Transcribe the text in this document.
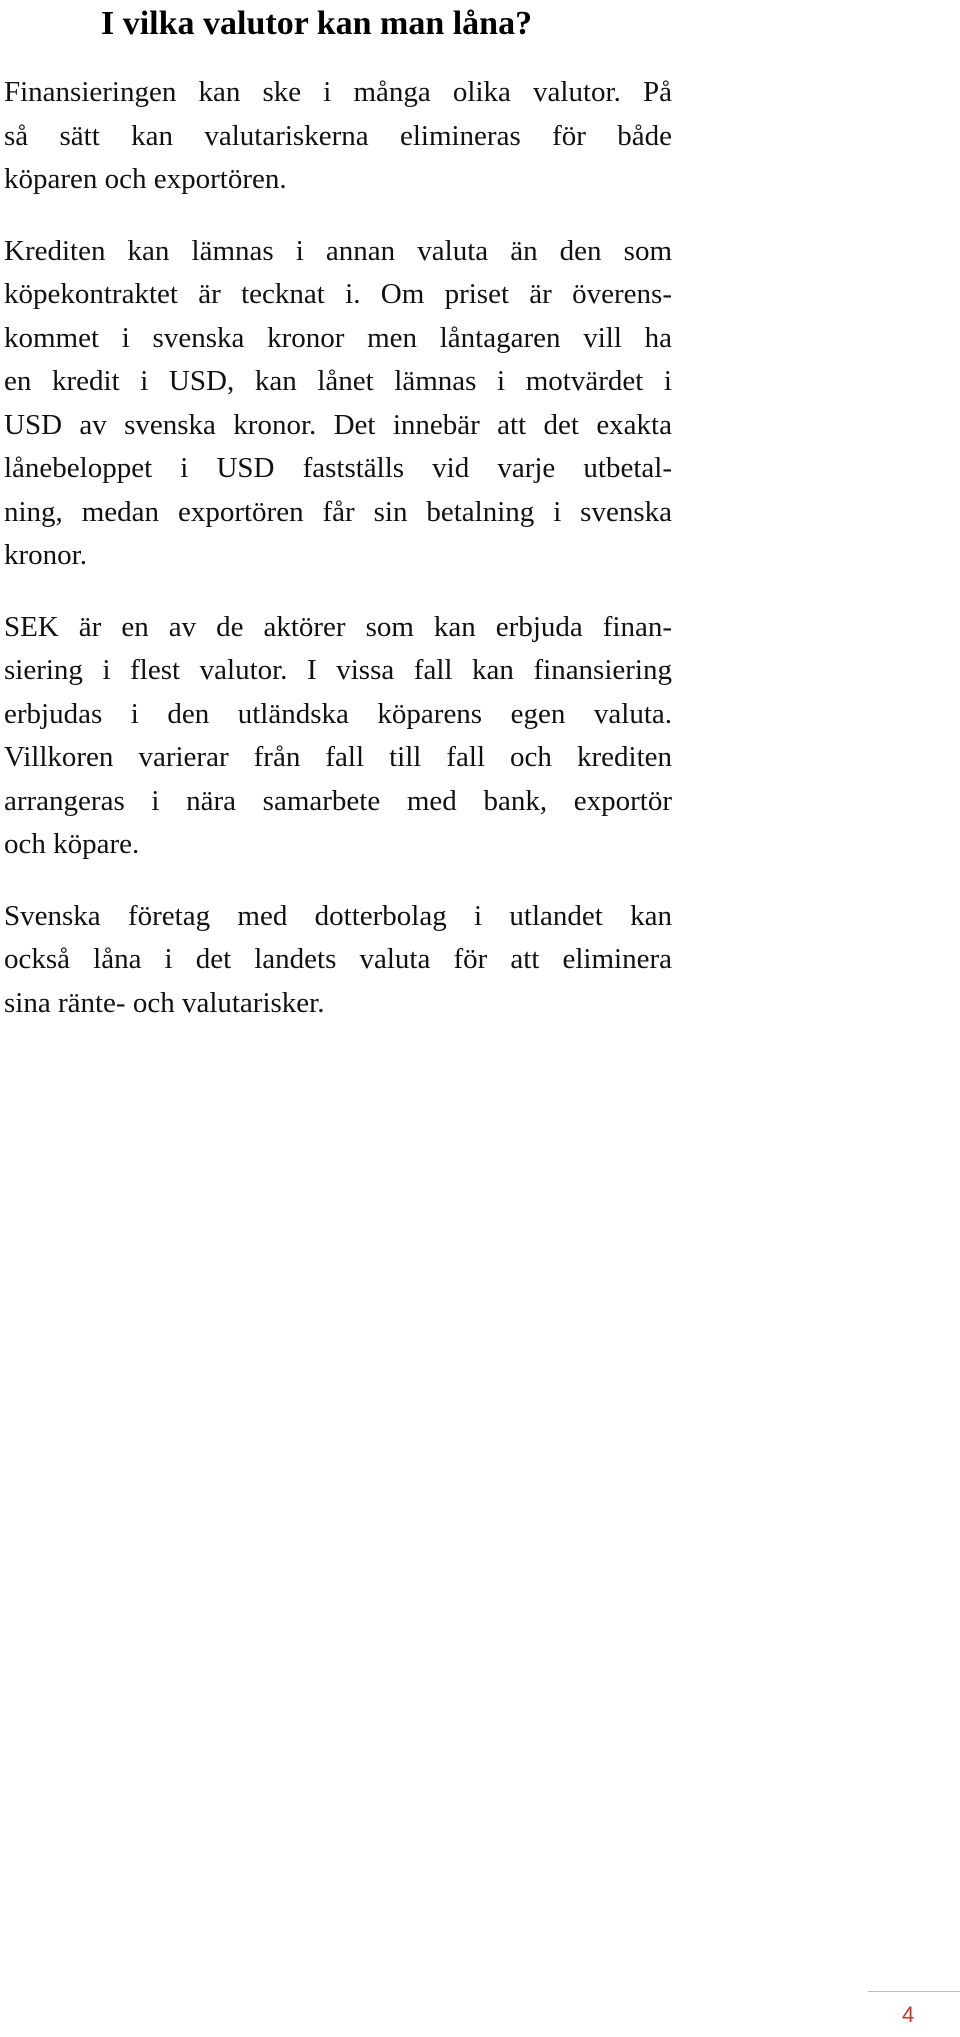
I vilka valutor kan man låna?

Finansieringen kan ske i många olika valutor. På
så sätt kan valutariskerna elimineras för både
köparen och exportören.

Krediten kan lämnas i annan valuta än den som
köpekontraktet är tecknat i. Om priset är överens-
kommet i svenska kronor men låntagaren vill ha
en kredit i USD, kan lånet lämnas i motvärdet i
USD av svenska kronor. Det innebär att det exakta
lånebeloppet i USD fastställs vid varje utbetal-
ning, medan exportören får sin betalning i svenska
kronor.

SEK är en av de aktörer som kan erbjuda finan-
siering i flest valutor. I vissa fall kan finansiering
erbjudas i den utländska köparens egen valuta.
Villkoren varierar från fall till fall och krediten
arrangeras i nära samarbete med bank, exportör
och köpare.

Svenska företag med dotterbolag i utlandet kan
också låna i det landets valuta för att eliminera
sina ränte- och valutarisker.

4
